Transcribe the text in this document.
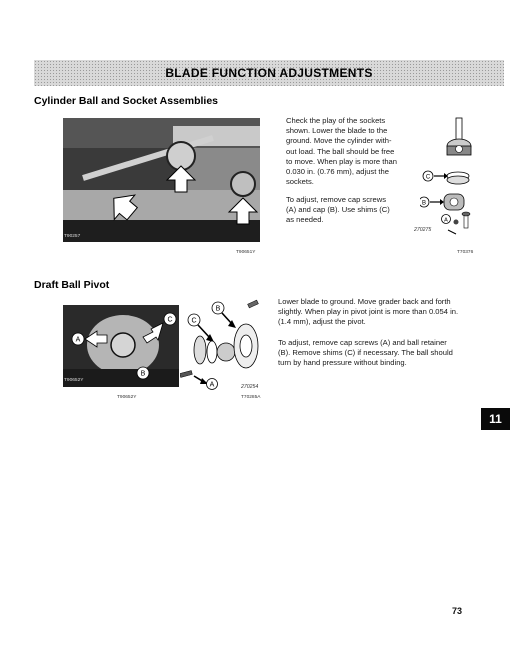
BLADE FUNCTION ADJUSTMENTS
Cylinder Ball and Socket Assemblies
T90257
T90651Y
Check the play of the sockets
shown. Lower the blade to the
ground. Move the cylinder with-
out load. The ball should be free
to move. When play is more than
0.030 in. (0.76 mm), adjust the
sockets.
To adjust, remove cap screws
(A) and cap (B). Use shims (C)
as needed.
C
B
A
270275
T70376
Draft Ball Pivot
A
B
C
T90652Y
T90652Y
C
B
A	270254
T70285A
Lower blade to ground. Move grader back and forth
slightly. When play in pivot joint is more than 0.054 in.
(1.4 mm), adjust the pivot.
To adjust, remove cap screws (A) and ball retainer
(B). Remove shims (C) if necessary. The ball should
turn by hand pressure without binding.
11
73
